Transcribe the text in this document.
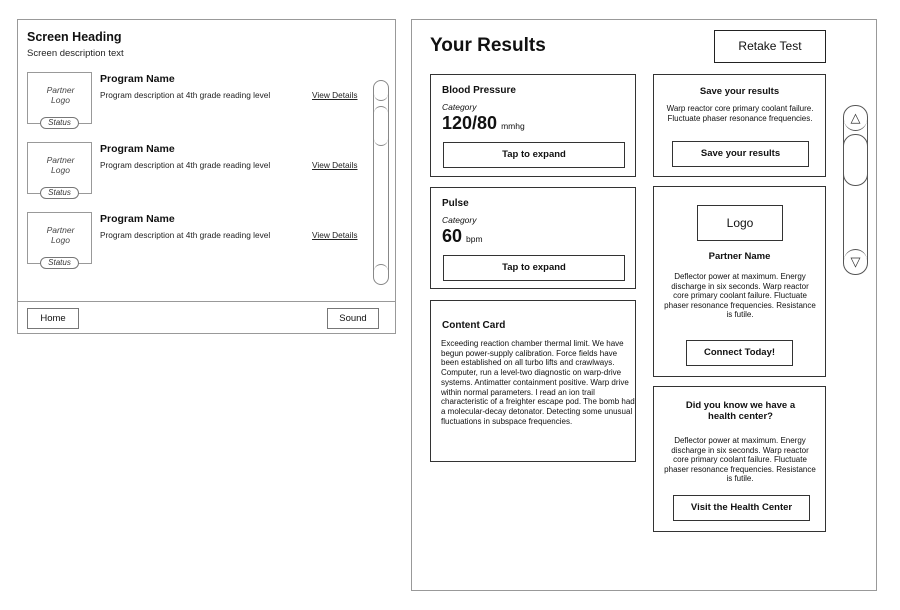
Screen Heading
Screen description text
Partner
Logo
Status
Program Name
Program description at 4th grade reading level	View Details
Partner
Logo
Status
Program Name
Program description at 4th grade reading level	View Details
Partner
Logo
Status
Program Name
Program description at 4th grade reading level	View Details
Home	Sound
Your Results	Retake Test
Blood Pressure
Category
120/80 mmhg
Tap to expand
Pulse
Category
60 bpm
Tap to expand
Content Card
Exceeding reaction chamber thermal limit. We have begun power-supply calibration. Force fields have been established on all turbo lifts and crawlways. Computer, run a level-two diagnostic on warp-drive systems. Antimatter containment positive. Warp drive within normal parameters. I read an ion trail characteristic of a freighter escape pod. The bomb had a molecular-decay detonator. Detecting some unusual fluctuations in subspace frequencies.
Save your results
Warp reactor core primary coolant failure. Fluctuate phaser resonance frequencies.
Save your results
Logo
Partner Name
Deflector power at maximum. Energy discharge in six seconds. Warp reactor core primary coolant failure. Fluctuate phaser resonance frequencies. Resistance is futile.
Connect Today!
Did you know we have a health center?
Deflector power at maximum. Energy discharge in six seconds. Warp reactor core primary coolant failure. Fluctuate phaser resonance frequencies. Resistance is futile.
Visit the Health Center
△
▽
